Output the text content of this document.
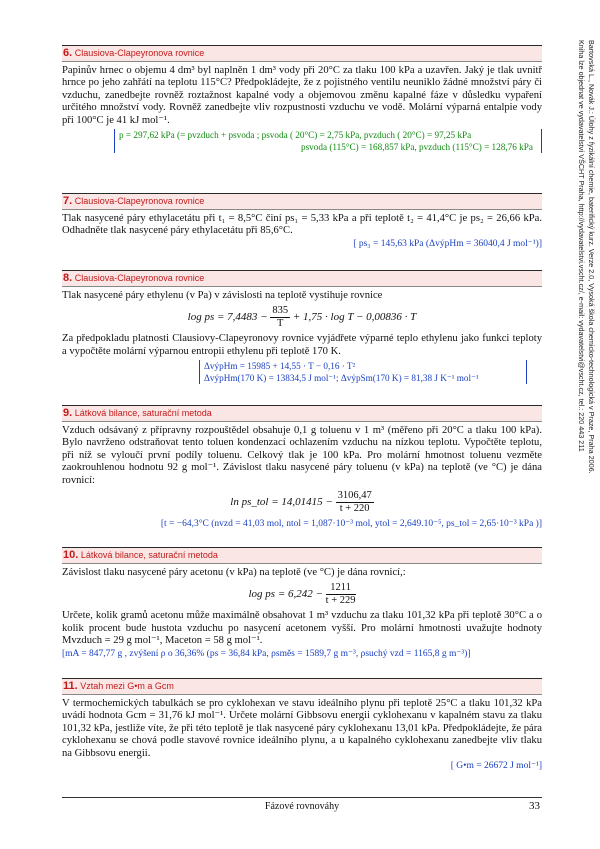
Bartovská L., Novák J.: Úlohy z fyzikální chemie, baterifický kurz. Verze 2.0, Vysoká škola chemicko-technologická v Praze, Praha 2006.
Kniha lze objednat ve vydavatelství VŠCHT Praha, http://vydavatelstvi.vscht.cz/, e-mail: vydavatelstvi@vscht.cz, tel.: 220 443 211
6. Clausiova-Clapeyronova rovnice
Papinův hrnec o objemu 4 dm³ byl naplněn 1 dm³ vody při 20°C za tlaku 100 kPa a uzavřen. Jaký je tlak uvnitř hrnce po jeho zahřátí na teplotu 115°C? Předpokládejte, že z pojistného ventilu neuniklo žádné množství páry či vzduchu, zanedbejte rovněž roztažnost kapalné vody a objemovou změnu kapalné fáze v důsledku vypaření určitého množství vody. Rovněž zanedbejte vliv rozpustnosti vzduchu ve vodě. Molární výparná entalpie vody při 100°C je 41 kJ mol⁻¹.
p = 297,62 kPa (= pvzduch + psvoda ; psvoda ( 20°C) = 2,75 kPa, pvzduch ( 20°C) = 97,25 kPa
psvoda (115°C) = 168,857 kPa, pvzduch (115°C) = 128,76 kPa
7. Clausiova-Clapeyronova rovnice
Tlak nasycené páry ethylacetátu při t₁ = 8,5°C činí ps₁ = 5,33 kPa a při teplotě t₂ = 41,4°C je ps₂ = 26,66 kPa. Odhadněte tlak nasycené páry ethylacetátu při 85,6°C.
[ ps₃ = 145,63 kPa (ΔvýpHm = 36040,4 J mol⁻¹)]
8. Clausiova-Clapeyronova rovnice
Tlak nasycené páry ethylenu (v Pa) v závislosti na teplotě vystihuje rovnice
log ps = $7,4483 - \frac{835}{T} + 1,75 \cdot \log T - 0,00836 \cdot T$
Za předpokladu platnosti Clausiovy-Clapeyronovy rovnice vyjádřete výparné teplo ethylenu jako funkci teploty a vypočtěte molární výparnou entropii ethylenu při teplotě 170 K.
ΔvýpHm = 15985 + 14,55 · T − 0,16 · T²
ΔvýpHm(170 K) = 13834,5 J mol⁻¹; ΔvýpSm(170 K) = 81,38 J K⁻¹ mol⁻¹
9. Látková bilance, saturační metoda
Vzduch odsávaný z přípravny rozpouštědel obsahuje 0,1 g toluenu v 1 m³ (měřeno při 20°C a tlaku 100 kPa). Bylo navrženo odstraňovat tento toluen kondenzací ochlazením vzduchu na nízkou teplotu. Vypočtěte teplotu, při níž se vyloučí první podíly toluenu. Celkový tlak je 100 kPa. Pro molární hmotnost toluenu vezměte zaokrouhlenou hodnotu 92 g mol⁻¹. Závislost tlaku nasycené páry toluenu (v kPa) na teplotě (ve °C) je dána rovnicí:
ln ps_tol = $14,01415 - \frac{3106,47}{t + 220}$
[t = −64,3°C (nvzd = 41,03 mol, ntol = 1,087·10⁻³ mol, ytol = 2,649.10⁻⁵, ps_tol = 2,65·10⁻³ kPa )]
10. Látková bilance, saturační metoda
Závislost tlaku nasycené páry acetonu (v kPa) na teplotě (ve °C) je dána rovnicí,:
log ps = $6,242 - \frac{1211}{t + 229}$
Určete, kolik gramů acetonu může maximálně obsahovat 1 m³ vzduchu za tlaku 101,32 kPa při teplotě 30°C a o kolik procent bude hustota vzduchu po nasycení acetonem vyšší. Pro molární hmotnosti uvažujte hodnoty Mvzduch = 29 g mol⁻¹, Maceton = 58 g mol⁻¹.
[mA = 847,77 g , zvýšení ρ o 36,36% (ps = 36,84 kPa, ρsměs = 1589,7 g m⁻³, ρsuchý vzd = 1165,8 g m⁻³)]
11. Vztah mezi G•m a Gcm
V termochemických tabulkách se pro cyklohexan ve stavu ideálního plynu při teplotě 25°C a tlaku 101,32 kPa uvádí hodnota Gcm = 31,76 kJ mol⁻¹. Určete molární Gibbsovu energii cyklohexanu v kapalném stavu za tlaku 101,32 kPa, jestliže víte, že při této teplotě je tlak nasycené páry cyklohexanu 13,01 kPa. Předpokládejte, že pára cyklohexanu se chová podle stavové rovnice ideálního plynu, a u kapalného cyklohexanu zanedbejte vliv tlaku na Gibbsovu energii.
[ G•m = 26672 J mol⁻¹]
Fázové rovnováhy	33
